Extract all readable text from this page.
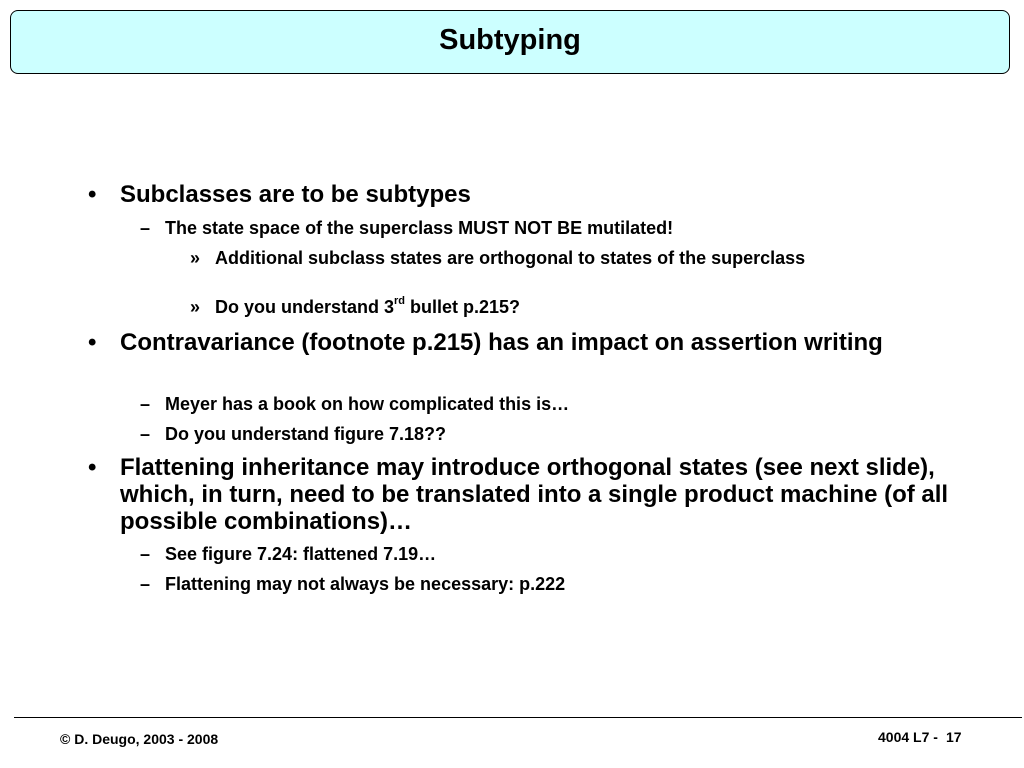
Subtyping
• Subclasses are to be subtypes
– The state space of the superclass MUST NOT BE mutilated!
» Additional subclass states are orthogonal to states of the superclass
» Do you understand 3rd bullet p.215?
• Contravariance (footnote p.215) has an impact on assertion writing
– Meyer has a book on how complicated this is…
– Do you understand figure 7.18??
• Flattening inheritance may introduce orthogonal states (see next slide), which, in turn, need to be translated into a single product machine (of all possible combinations)…
– See figure 7.24: flattened 7.19…
– Flattening may not always be necessary: p.222
© D. Deugo, 2003 - 2008	4004 L7 - 17
